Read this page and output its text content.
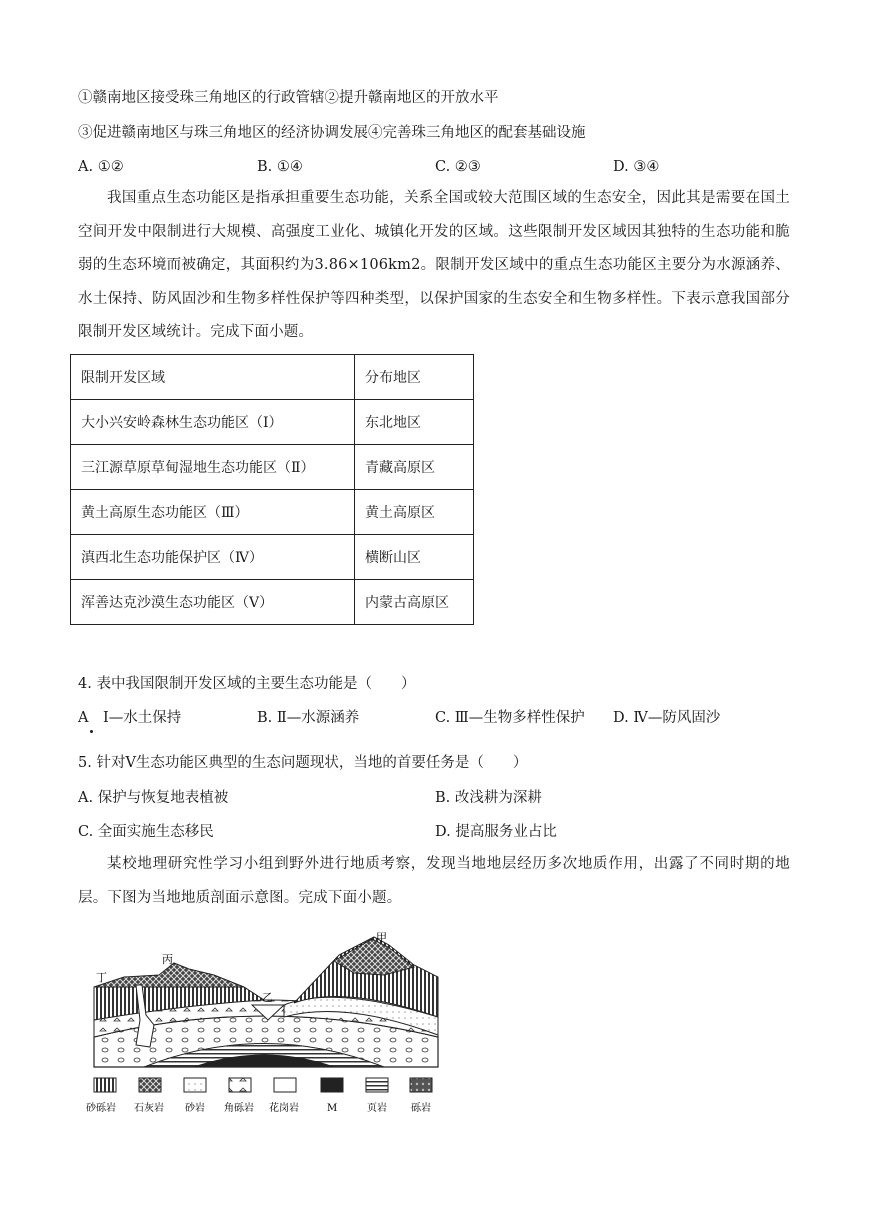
①赣南地区接受珠三角地区的行政管辖②提升赣南地区的开放水平
③促进赣南地区与珠三角地区的经济协调发展④完善珠三角地区的配套基础设施
A. ①②	B. ①④	C. ②③	D. ③④
我国重点生态功能区是指承担重要生态功能，关系全国或较大范围区域的生态安全，因此其是需要在国土空间开发中限制进行大规模、高强度工业化、城镇化开发的区域。这些限制开发区域因其独特的生态功能和脆弱的生态环境而被确定，其面积约为3.86×106km2。限制开发区域中的重点生态功能区主要分为水源涵养、水土保持、防风固沙和生物多样性保护等四种类型，以保护国家的生态安全和生物多样性。下表示意我国部分限制开发区域统计。完成下面小题。
限制开发区域	分布地区
大小兴安岭森林生态功能区（Ⅰ）	东北地区
三江源草原草甸湿地生态功能区（Ⅱ）	青藏高原区
黄土高原生态功能区（Ⅲ）	黄土高原区
滇西北生态功能保护区（Ⅳ）	横断山区
浑善达克沙漠生态功能区（Ⅴ）	内蒙古高原区
4. 表中我国限制开发区域的主要生态功能是（　　）
A　Ⅰ—水土保持	B. Ⅱ—水源涵养	C. Ⅲ—生物多样性保护 D. Ⅳ—防风固沙
5. 针对Ⅴ生态功能区典型的生态问题现状，当地的首要任务是（　　）
A. 保护与恢复地表植被	B. 改浅耕为深耕
C. 全面实施生态移民	D. 提高服务业占比
某校地理研究性学习小组到野外进行地质考察，发现当地地层经历多次地质作用，出露了不同时期的地层。下图为当地地质剖面示意图。完成下面小题。
甲
乙
丙
丁
砂砾岩 石灰岩 砂岩 角砾岩 花岗岩	M	页岩 砾岩
